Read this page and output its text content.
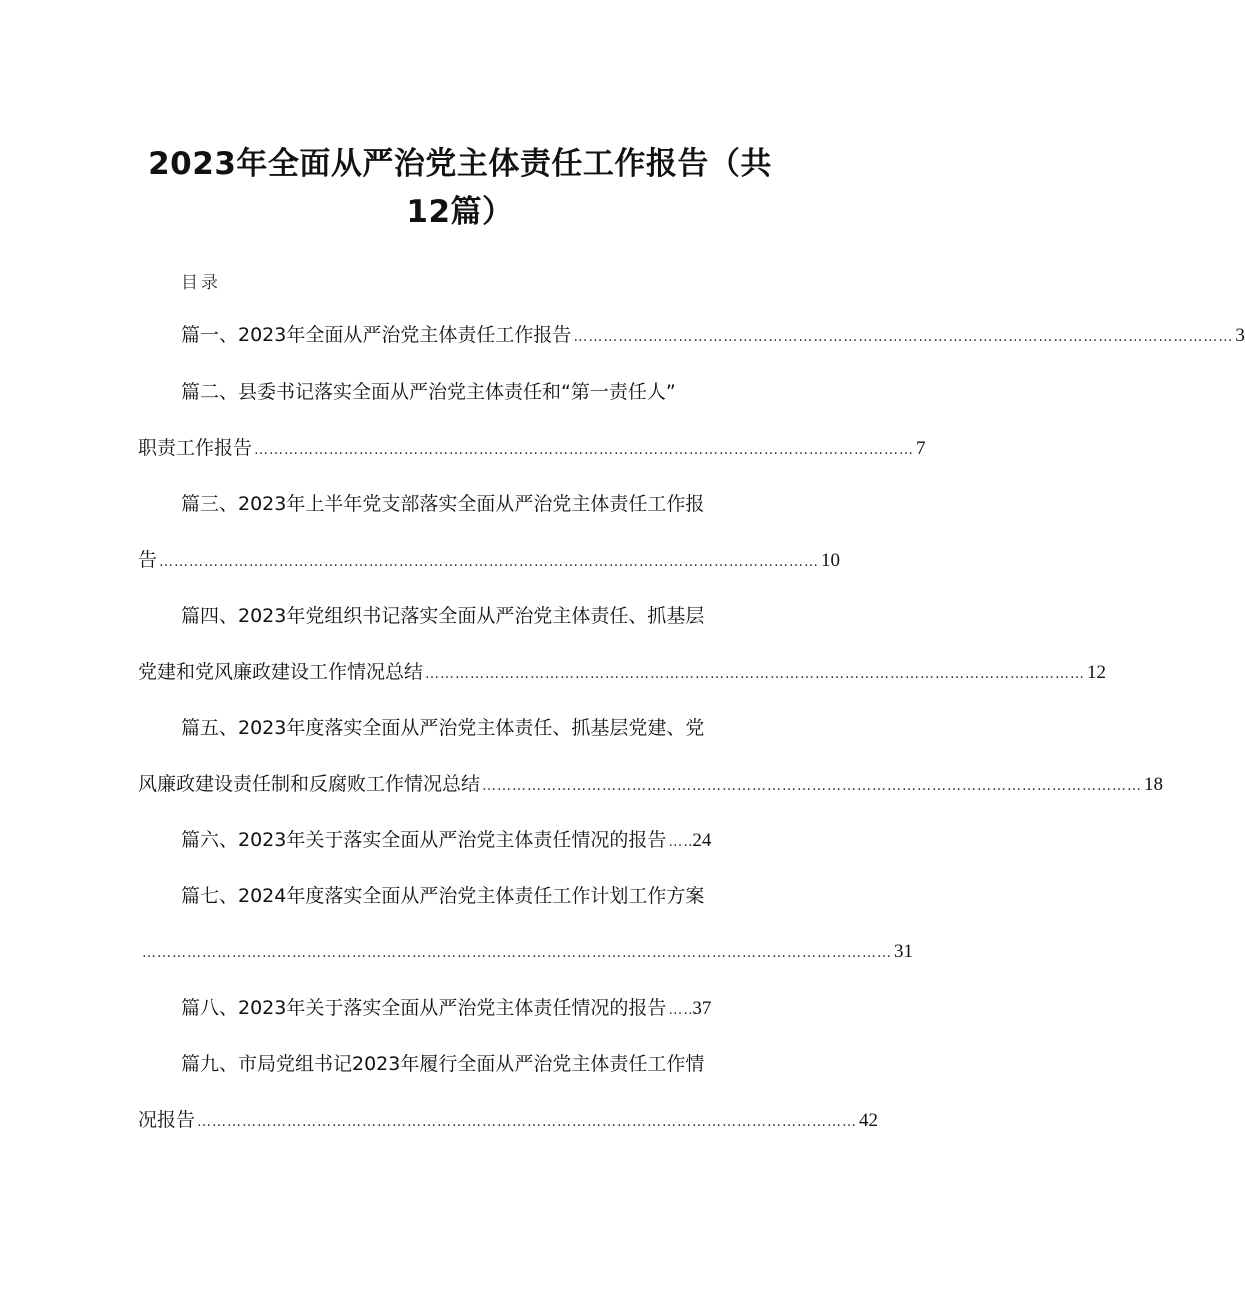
2023年全面从严治党主体责任工作报告（共
12篇）
目录
篇一、2023年全面从严治党主体责任工作报告 …………………………………………………………………………………………………………………… 3
篇二、县委书记落实全面从严治党主体责任和“第一责任人”
职责工作报告 …………………………………………………………………………………………………………………… 7
篇三、2023年上半年党支部落实全面从严治党主体责任工作报
告 …………………………………………………………………………………………………………………… 10
篇四、2023年党组织书记落实全面从严治党主体责任、抓基层
党建和党风廉政建设工作情况总结 …………………………………………………………………………………………………………………… 12
篇五、2023年度落实全面从严治党主体责任、抓基层党建、党
风廉政建设责任制和反腐败工作情况总结 …………………………………………………………………………………………………………………… 18
篇六、2023年关于落实全面从严治党主体责任情况的报告 ……
24
篇七、2024年度落实全面从严治党主体责任工作计划工作方案
…………………………………………………………………………………………………………………………………… 31
篇八、2023年关于落实全面从严治党主体责任情况的报告 ……
37
篇九、市局党组书记2023年履行全面从严治党主体责任工作情
况报告 …………………………………………………………………………………………………………………… 42
